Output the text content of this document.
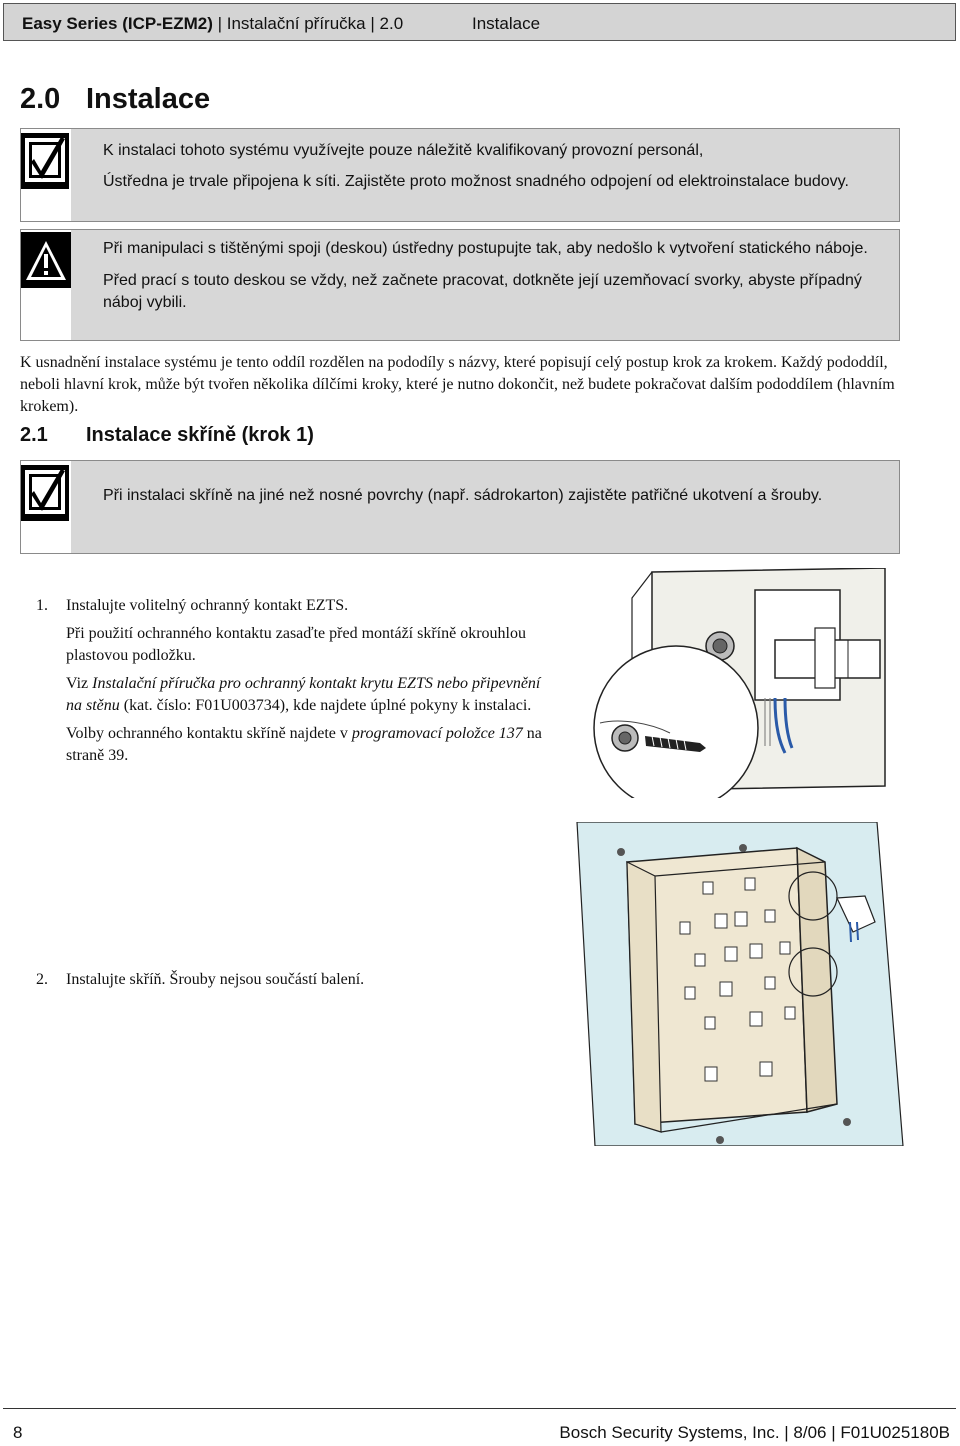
Easy Series (ICP-EZM2) | Instalační příručka | 2.0	Instalace
2.0 Instalace

K instalaci tohoto systému využívejte pouze náležitě kvalifikovaný provozní personál,

Ústředna je trvale připojena k síti. Zajistěte proto možnost snadného odpojení od elektroinstalace budovy.

Při manipulaci s tištěnými spoji (deskou) ústředny postupujte tak, aby nedošlo k vytvoření statického náboje.

Před prací s touto deskou se vždy, než začnete pracovat, dotkněte její uzemňovací svorky, abyste případný náboj vybili.

K usnadnění instalace systému je tento oddíl rozdělen na pododíly s názvy, které popisují celý postup krok za krokem. Každý pododdíl, neboli hlavní krok, může být tvořen několika dílčími kroky, které je nutno dokončit, než budete pokračovat dalším pododdílem (hlavním krokem).
2.1 Instalace skříně (krok 1)

Při instalaci skříně na jiné než nosné povrchy (např. sádrokarton) zajistěte patřičné ukotvení a šrouby.

1. Instalujte volitelný ochranný kontakt EZTS.

Při použití ochranného kontaktu zasaďte před montáží skříně okrouhlou plastovou podložku.

Viz Instalační příručka pro ochranný kontakt krytu EZTS nebo připevnění na stěnu (kat. číslo: F01U003734), kde najdete úplné pokyny k instalaci.

Volby ochranného kontaktu skříně najdete v programovací položce 137 na straně 39.

2. Instalujte skříň. Šrouby nejsou součástí balení.

8	Bosch Security Systems, Inc. | 8/06 | F01U025180B
